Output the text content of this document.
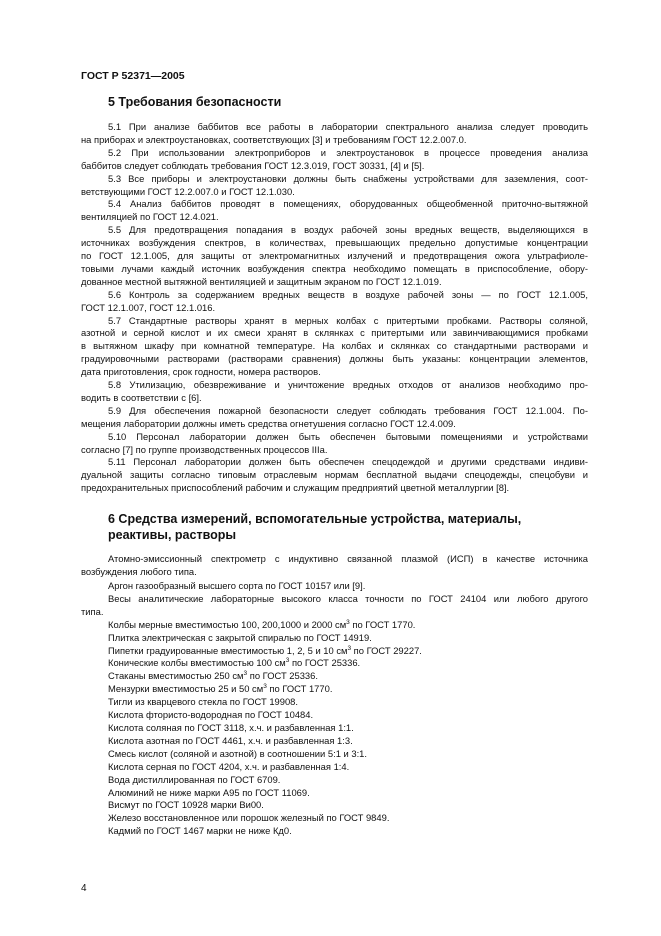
ГОСТ Р 52371—2005
5 Требования безопасности
5.1 При анализе баббитов все работы в лаборатории спектрального анализа следует проводить
на приборах и электроустановках, соответствующих [3] и требованиям ГОСТ 12.2.007.0.
5.2 При использовании электроприборов и электроустановок в процессе проведения анализа
баббитов следует соблюдать требования ГОСТ 12.3.019, ГОСТ 30331, [4] и [5].
5.3 Все приборы и электроустановки должны быть снабжены устройствами для заземления, соот-
ветствующими ГОСТ 12.2.007.0 и ГОСТ 12.1.030.
5.4 Анализ баббитов проводят в помещениях, оборудованных общеобменной приточно-вытяжной
вентиляцией по ГОСТ 12.4.021.
5.5 Для предотвращения попадания в воздух рабочей зоны вредных веществ, выделяющихся в
источниках возбуждения спектров, в количествах, превышающих предельно допустимые концентрации
по ГОСТ 12.1.005, для защиты от электромагнитных излучений и предотвращения ожога ультрафиоле-
товыми лучами каждый источник возбуждения спектра необходимо помещать в приспособление, обору-
дованное местной вытяжной вентиляцией и защитным экраном по ГОСТ 12.1.019.
5.6 Контроль за содержанием вредных веществ в воздухе рабочей зоны — по ГОСТ 12.1.005,
ГОСТ 12.1.007, ГОСТ 12.1.016.
5.7 Стандартные растворы хранят в мерных колбах с притертыми пробками. Растворы соляной,
азотной и серной кислот и их смеси хранят в склянках с притертыми или завинчивающимися пробками
в вытяжном шкафу при комнатной температуре. На колбах и склянках со стандартными растворами и
градуировочными растворами (растворами сравнения) должны быть указаны: концентрации элементов,
дата приготовления, срок годности, номера растворов.
5.8 Утилизацию, обезвреживание и уничтожение вредных отходов от анализов необходимо про-
водить в соответствии с [6].
5.9 Для обеспечения пожарной безопасности следует соблюдать требования ГОСТ 12.1.004. По-
мещения лаборатории должны иметь средства огнетушения согласно ГОСТ 12.4.009.
5.10 Персонал лаборатории должен быть обеспечен бытовыми помещениями и устройствами
согласно [7] по группе производственных процессов IIIа.
5.11 Персонал лаборатории должен быть обеспечен спецодеждой и другими средствами индиви-
дуальной защиты согласно типовым отраслевым нормам бесплатной выдачи спецодежды, спецобуви и
предохранительных приспособлений рабочим и служащим предприятий цветной металлургии [8].
6 Средства измерений, вспомогательные устройства, материалы,
реактивы, растворы
Атомно-эмиссионный спектрометр с индуктивно связанной плазмой (ИСП) в качестве источника
возбуждения любого типа.
Аргон газообразный высшего сорта по ГОСТ 10157 или [9].
Весы аналитические лабораторные высокого класса точности по ГОСТ 24104 или любого другого
типа.
Колбы мерные вместимостью 100, 200,1000 и 2000 $см^3$ по ГОСТ 1770.
Плитка электрическая с закрытой спиралью по ГОСТ 14919.
Пипетки градуированные вместимостью 1, 2, 5 и 10 $см^3$ по ГОСТ 29227.
Конические колбы вместимостью 100 $см^3$ по ГОСТ 25336.
Стаканы вместимостью 250 $см^3$ по ГОСТ 25336.
Мензурки вместимостью 25 и 50 $см^3$ по ГОСТ 1770.
Тигли из кварцевого стекла по ГОСТ 19908.
Кислота фтористо-водородная по ГОСТ 10484.
Кислота соляная по ГОСТ 3118, х.ч. и разбавленная 1:1.
Кислота азотная по ГОСТ 4461, х.ч. и разбавленная 1:3.
Смесь кислот (соляной и азотной) в соотношении 5:1 и 3:1.
Кислота серная по ГОСТ 4204, х.ч. и разбавленная 1:4.
Вода дистиллированная по ГОСТ 6709.
Алюминий не ниже марки А95 по ГОСТ 11069.
Висмут по ГОСТ 10928 марки Ви00.
Железо восстановленное или порошок железный по ГОСТ 9849.
Кадмий по ГОСТ 1467 марки не ниже Кд0.
4
